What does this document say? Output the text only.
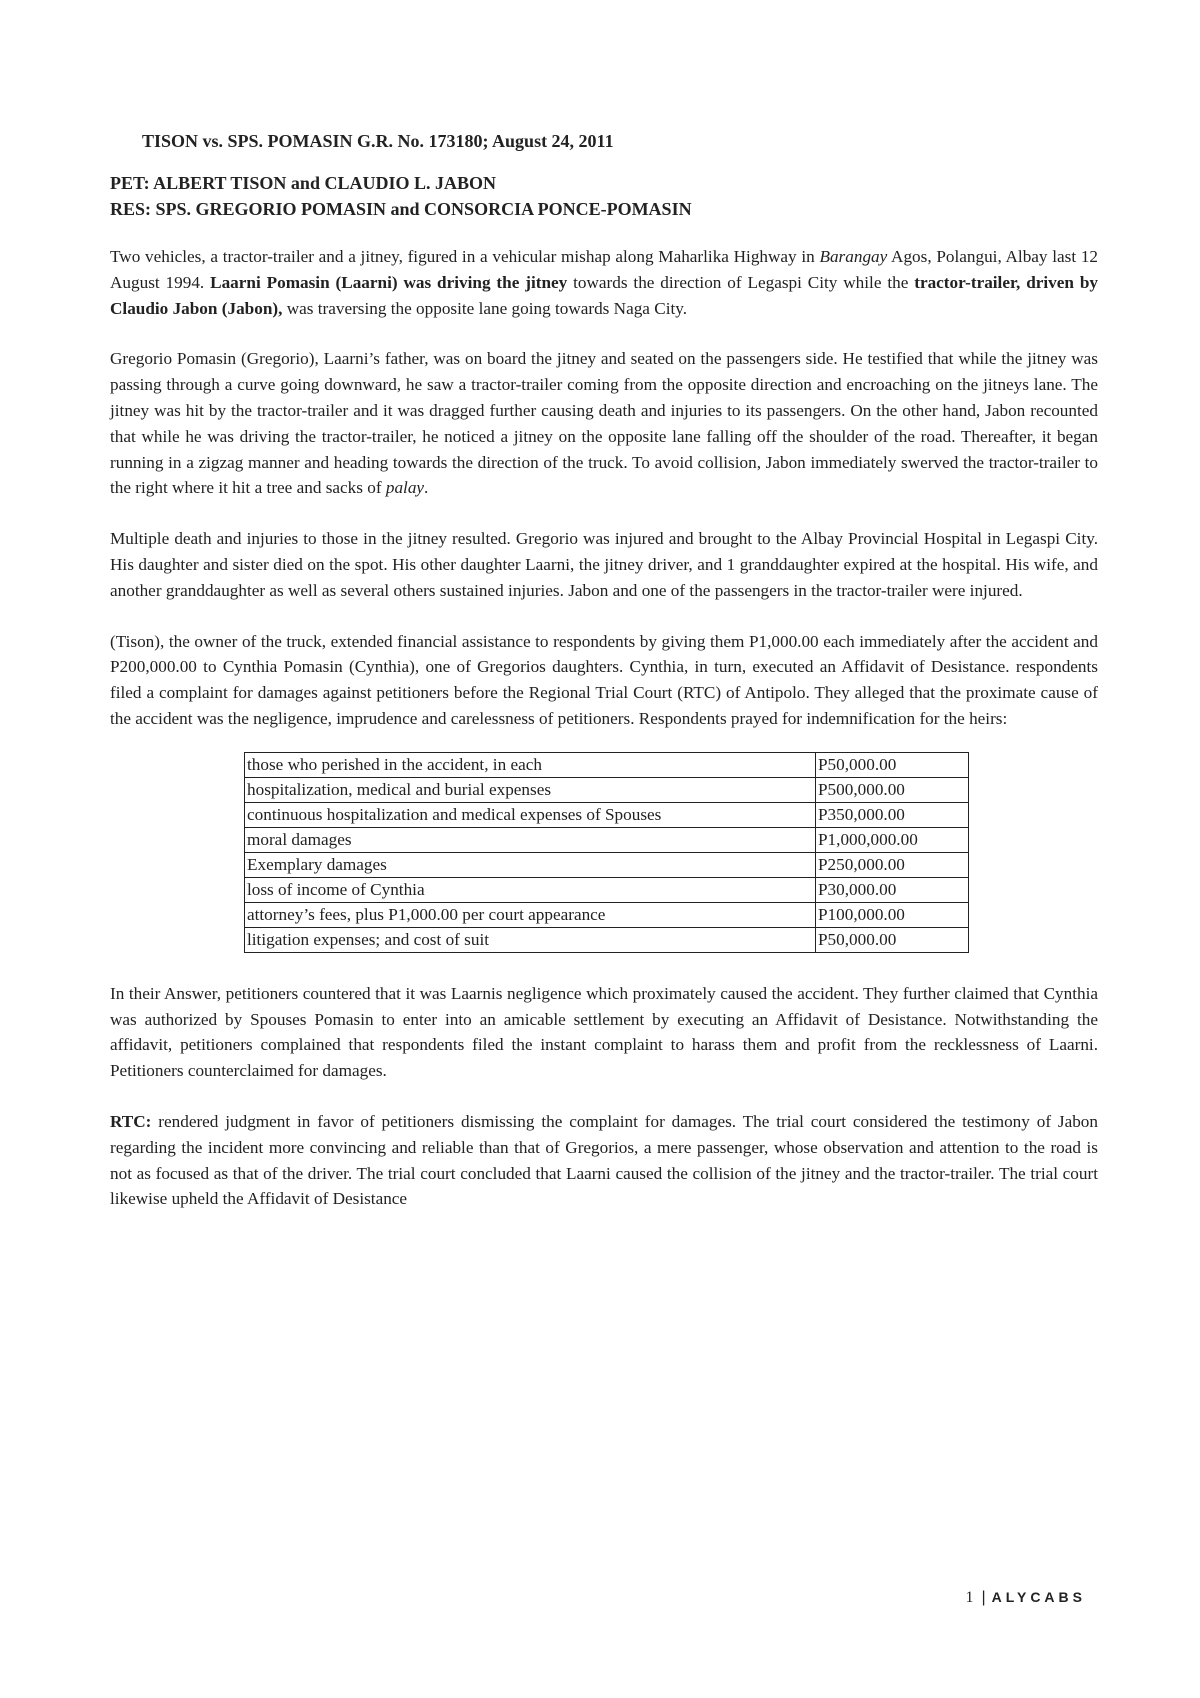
TISON vs. SPS. POMASIN G.R. No. 173180; August 24, 2011
PET: ALBERT TISON and CLAUDIO L. JABON
RES: SPS. GREGORIO POMASIN and CONSORCIA PONCE-POMASIN

Two vehicles, a tractor-trailer and a jitney, figured in a vehicular mishap along Maharlika Highway in Barangay Agos, Polangui, Albay last 12 August 1994. Laarni Pomasin (Laarni) was driving the jitney towards the direction of Legaspi City while the tractor-trailer, driven by Claudio Jabon (Jabon), was traversing the opposite lane going towards Naga City.

Gregorio Pomasin (Gregorio), Laarni’s father, was on board the jitney and seated on the passengers side. He testified that while the jitney was passing through a curve going downward, he saw a tractor-trailer coming from the opposite direction and encroaching on the jitneys lane. The jitney was hit by the tractor-trailer and it was dragged further causing death and injuries to its passengers. On the other hand, Jabon recounted that while he was driving the tractor-trailer, he noticed a jitney on the opposite lane falling off the shoulder of the road. Thereafter, it began running in a zigzag manner and heading towards the direction of the truck. To avoid collision, Jabon immediately swerved the tractor-trailer to the right where it hit a tree and sacks of palay.

Multiple death and injuries to those in the jitney resulted. Gregorio was injured and brought to the Albay Provincial Hospital in Legaspi City. His daughter and sister died on the spot. His other daughter Laarni, the jitney driver, and 1 granddaughter expired at the hospital. His wife, and another granddaughter as well as several others sustained injuries. Jabon and one of the passengers in the tractor-trailer were injured.

(Tison), the owner of the truck, extended financial assistance to respondents by giving them P1,000.00 each immediately after the accident and P200,000.00 to Cynthia Pomasin (Cynthia), one of Gregorios daughters. Cynthia, in turn, executed an Affidavit of Desistance. respondents filed a complaint for damages against petitioners before the Regional Trial Court (RTC) of Antipolo. They alleged that the proximate cause of the accident was the negligence, imprudence and carelessness of petitioners. Respondents prayed for indemnification for the heirs:

those who perished in the accident, in each	P50,000.00
hospitalization, medical and burial expenses	P500,000.00
continuous hospitalization and medical expenses of Spouses	P350,000.00
moral damages	P1,000,000.00
Exemplary damages	P250,000.00
loss of income of Cynthia	P30,000.00
attorney’s fees, plus P1,000.00 per court appearance	P100,000.00
litigation expenses; and cost of suit	P50,000.00

In their Answer, petitioners countered that it was Laarnis negligence which proximately caused the accident. They further claimed that Cynthia was authorized by Spouses Pomasin to enter into an amicable settlement by executing an Affidavit of Desistance. Notwithstanding the affidavit, petitioners complained that respondents filed the instant complaint to harass them and profit from the recklessness of Laarni. Petitioners counterclaimed for damages.

RTC: rendered judgment in favor of petitioners dismissing the complaint for damages. The trial court considered the testimony of Jabon regarding the incident more convincing and reliable than that of Gregorios, a mere passenger, whose observation and attention to the road is not as focused as that of the driver. The trial court concluded that Laarni caused the collision of the jitney and the tractor-trailer. The trial court likewise upheld the Affidavit of Desistance

1 | ALYCABS
